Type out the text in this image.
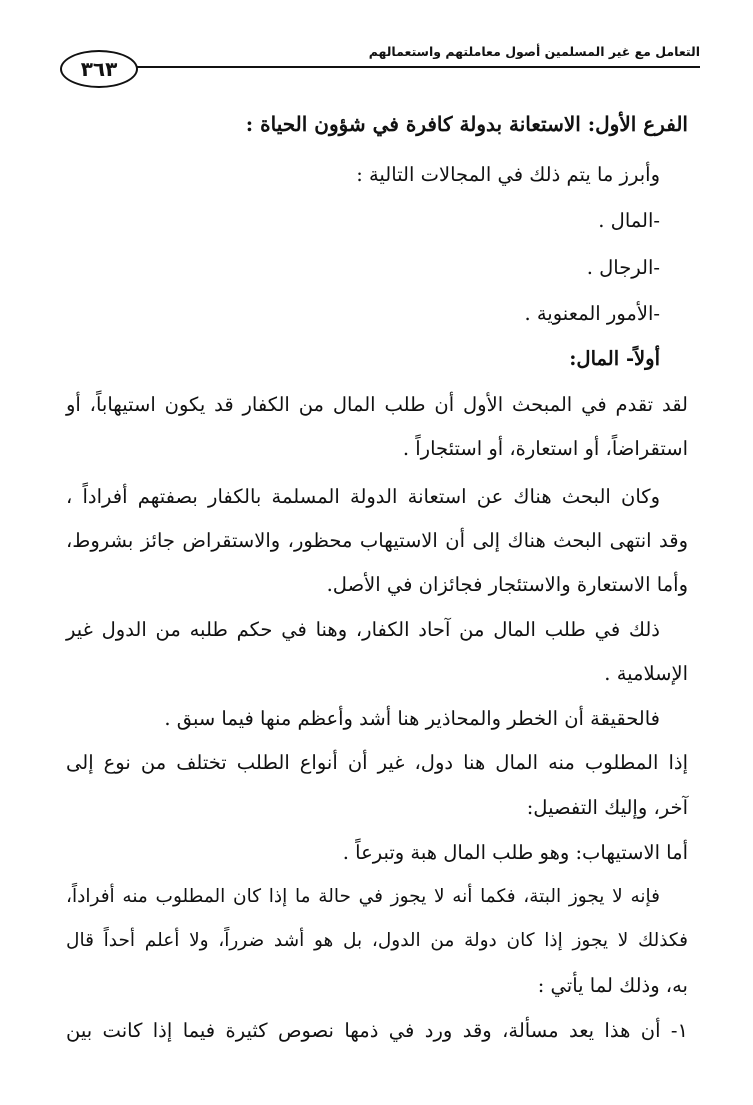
التعامل مع غير المسلمين أصول معاملتهم واستعمالهم
٣٦٣
الفرع الأول: الاستعانة بدولة كافرة في شؤون الحياة :
وأبرز ما يتم ذلك في المجالات التالية :
-المال .
-الرجال .
-الأمور المعنوية .
أولاً- المال:
لقد تقدم في المبحث الأول أن طلب المال من الكفار قد يكون استيهاباً، أو
استقراضاً، أو استعارة، أو استئجاراً .
وكان البحث هناك عن استعانة الدولة المسلمة بالكفار بصفتهم أفراداً ،
وقد انتهى البحث هناك إلى أن الاستيهاب محظور، والاستقراض جائز بشروط،
وأما الاستعارة والاستئجار فجائزان في الأصل.
ذلك في طلب المال من آحاد الكفار، وهنا في حكم طلبه من الدول غير
الإسلامية .
فالحقيقة أن الخطر والمحاذير هنا أشد وأعظم منها فيما سبق .
إذا المطلوب منه المال هنا دول، غير أن أنواع الطلب تختلف من نوع إلى
آخر، وإليك التفصيل:
أما الاستيهاب: وهو طلب المال هبة وتبرعاً .
فإنه لا يجوز البتة، فكما أنه لا يجوز في حالة ما إذا كان المطلوب منه أفراداً،
فكذلك لا يجوز إذا كان دولة من الدول، بل هو أشد ضرراً، ولا أعلم أحداً قال
به، وذلك لما يأتي :
١- أن هذا يعد مسألة، وقد ورد في ذمها نصوص كثيرة فيما إذا كانت بين
